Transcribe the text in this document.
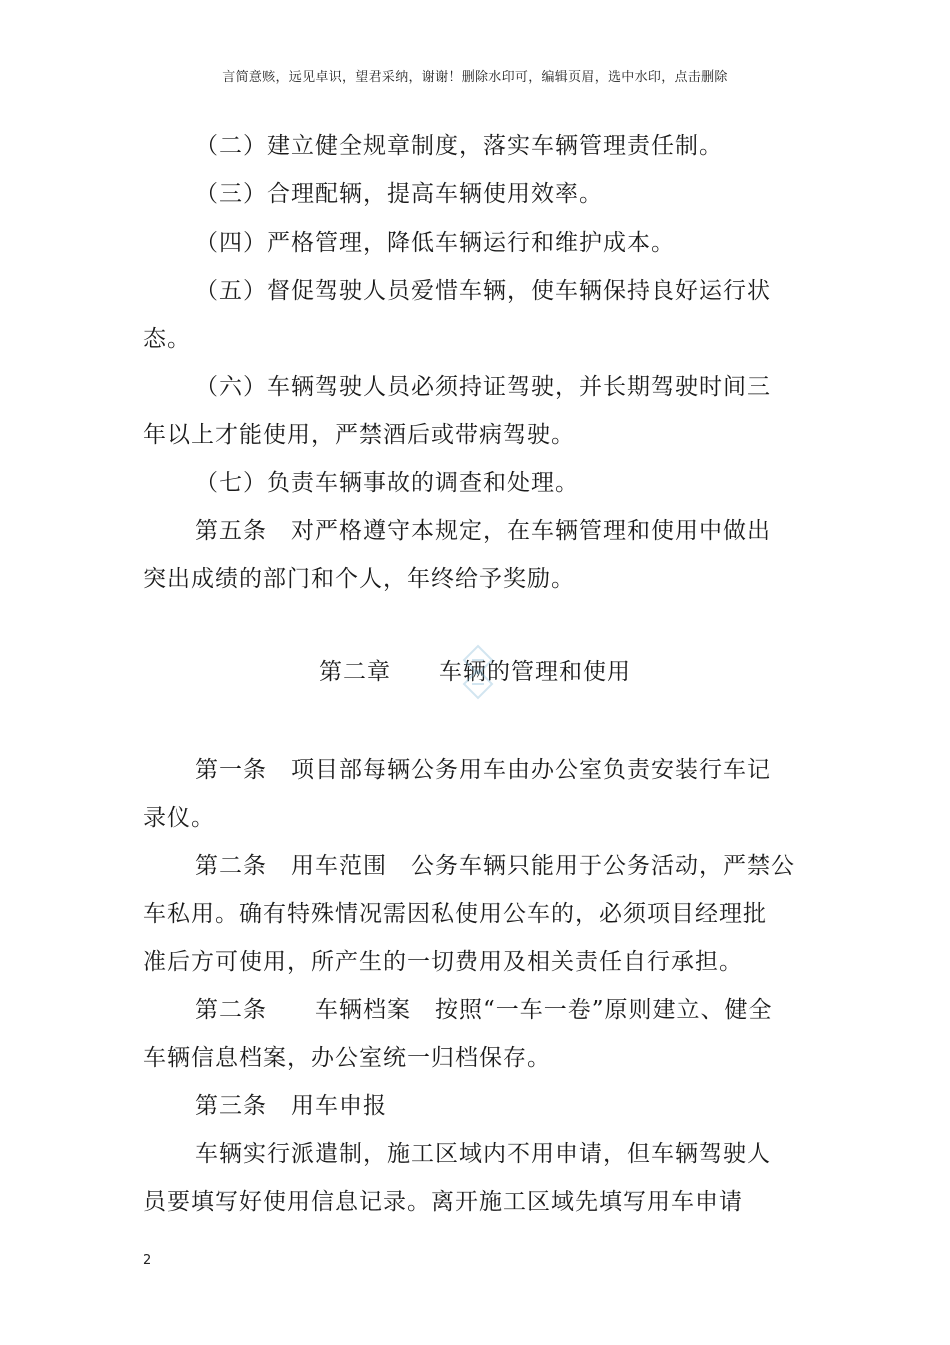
言简意赅，远见卓识，望君采纳，谢谢！删除水印可，编辑页眉，选中水印，点击删除
（二）建立健全规章制度，落实车辆管理责任制。
（三）合理配辆，提高车辆使用效率。
（四）严格管理，降低车辆运行和维护成本。
（五）督促驾驶人员爱惜车辆，使车辆保持良好运行状
态。
（六）车辆驾驶人员必须持证驾驶，并长期驾驶时间三
年以上才能使用，严禁酒后或带病驾驶。
（七）负责车辆事故的调查和处理。
第五条　对严格遵守本规定，在车辆管理和使用中做出
突出成绩的部门和个人，年终给予奖励。
第二章　　车辆的管理和使用
第一条　项目部每辆公务用车由办公室负责安装行车记
录仪。
第二条　用车范围　公务车辆只能用于公务活动，严禁公
车私用。确有特殊情况需因私使用公车的，必须项目经理批
准后方可使用，所产生的一切费用及相关责任自行承担。
第二条　　车辆档案　按照“一车一卷”原则建立、健全
车辆信息档案，办公室统一归档保存。
第三条　用车申报
车辆实行派遣制，施工区域内不用申请，但车辆驾驶人
员要填写好使用信息记录。离开施工区域先填写用车申请
2
